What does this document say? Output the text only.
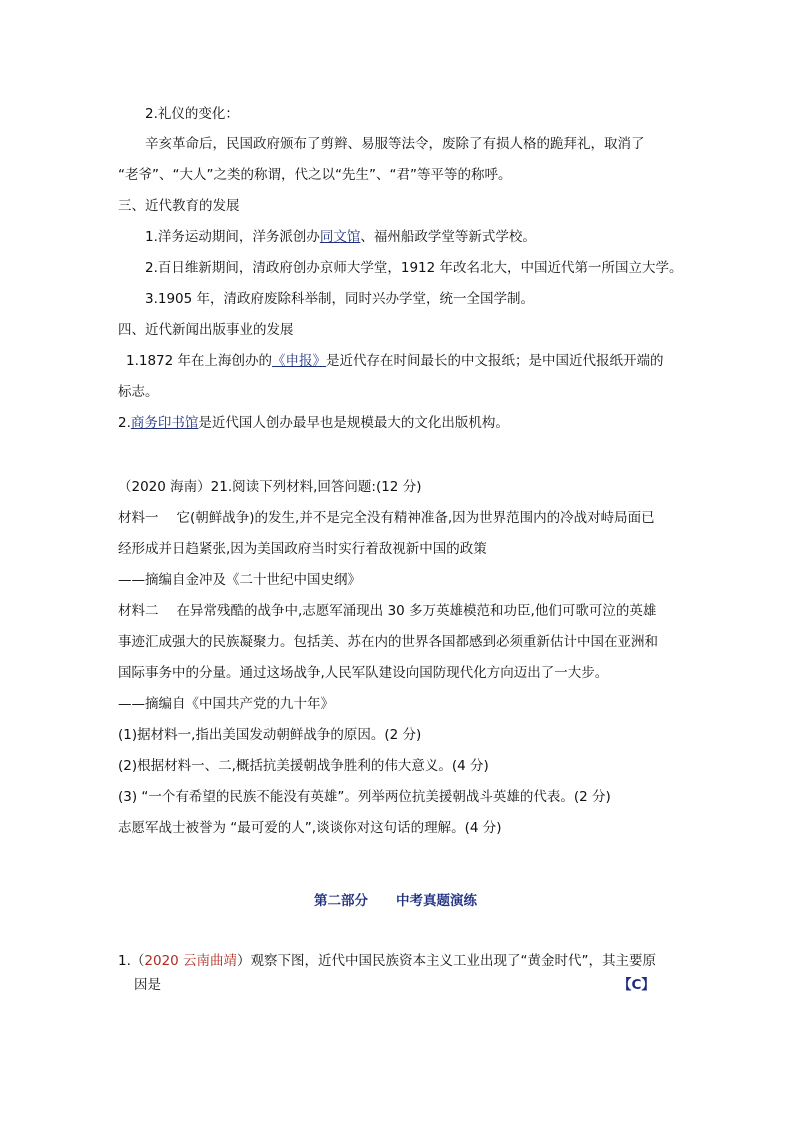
2.礼仪的变化：
辛亥革命后，民国政府颁布了剪辫、易服等法令，废除了有损人格的跪拜礼，取消了
“老爷”、“大人”之类的称谓，代之以“先生”、“君”等平等的称呼。
三、近代教育的发展
1.洋务运动期间，洋务派创办同文馆、福州船政学堂等新式学校。
2.百日维新期间，清政府创办京师大学堂，1912 年改名北大，中国近代第一所国立大学。
3.1905 年，清政府废除科举制，同时兴办学堂，统一全国学制。
四、近代新闻出版事业的发展
1.1872 年在上海创办的《申报》是近代存在时间最长的中文报纸；是中国近代报纸开端的
标志。
2.商务印书馆是近代国人创办最早也是规模最大的文化出版机构。
（2020 海南）21.阅读下列材料,回答问题:(12 分)
材料一 它(朝鲜战争)的发生,并不是完全没有精神准备,因为世界范围内的冷战对峙局面已
经形成并日趋紧张,因为美国政府当时实行着敌视新中国的政策
——摘编自金冲及《二十世纪中国史纲》
材料二 在异常残酷的战争中,志愿军涌现出 30 多万英雄模范和功臣,他们可歌可泣的英雄
事迹汇成强大的民族凝聚力。包括美、苏在内的世界各国都感到必须重新估计中国在亚洲和
国际事务中的分量。通过这场战争,人民军队建设向国防现代化方向迈出了一大步。
——摘编自《中国共产党的九十年》
(1)据材料一,指出美国发动朝鲜战争的原因。(2 分)
(2)根据材料一、二,概括抗美援朝战争胜利的伟大意义。(4 分)
(3) “一个有希望的民族不能没有英雄”。列举两位抗美援朝战斗英雄的代表。(2 分)
志愿军战士被誉为 “最可爱的人”,谈谈你对这句话的理解。(4 分)
第二部分 中考真题演练
1.（2020 云南曲靖）观察下图，近代中国民族资本主义工业出现了“黄金时代”，其主要原
因是	【C】
